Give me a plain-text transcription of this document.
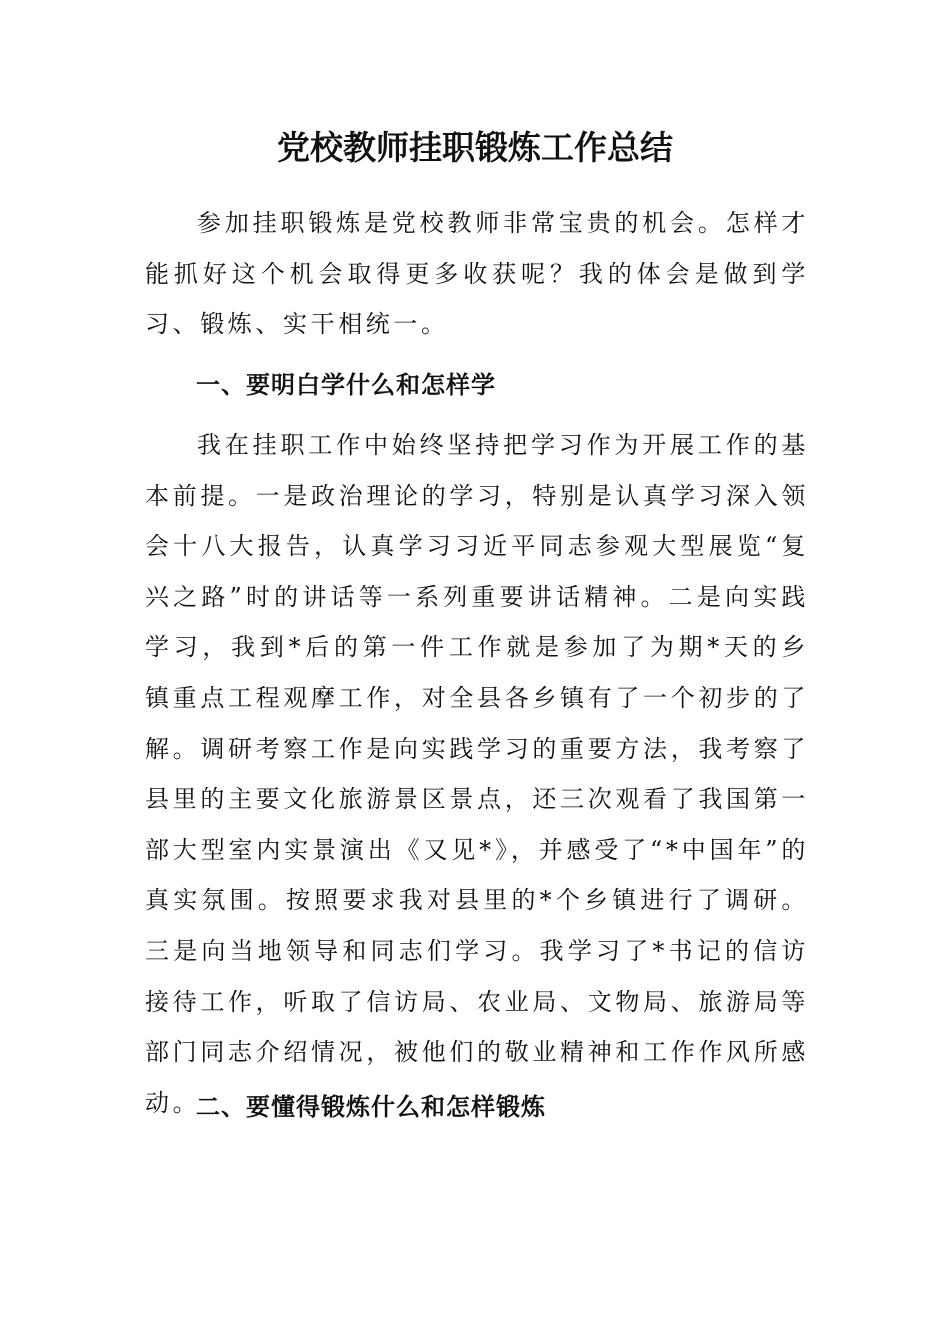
党校教师挂职锻炼工作总结

参加挂职锻炼是党校教师非常宝贵的机会。怎样才能抓好这个机会取得更多收获呢？我的体会是做到学习、锻炼、实干相统一。

一、要明白学什么和怎样学

我在挂职工作中始终坚持把学习作为开展工作的基本前提。一是政治理论的学习，特别是认真学习深入领会十八大报告，认真学习习近平同志参观大型展览“复兴之路”时的讲话等一系列重要讲话精神。二是向实践学习，我到*后的第一件工作就是参加了为期*天的乡镇重点工程观摩工作，对全县各乡镇有了一个初步的了解。调研考察工作是向实践学习的重要方法，我考察了县里的主要文化旅游景区景点，还三次观看了我国第一部大型室内实景演出《又见*》，并感受了“*中国年”的真实氛围。按照要求我对县里的*个乡镇进行了调研。三是向当地领导和同志们学习。我学习了*书记的信访接待工作，听取了信访局、农业局、文物局、旅游局等部门同志介绍情况，被他们的敬业精神和工作作风所感动。

二、要懂得锻炼什么和怎样锻炼
